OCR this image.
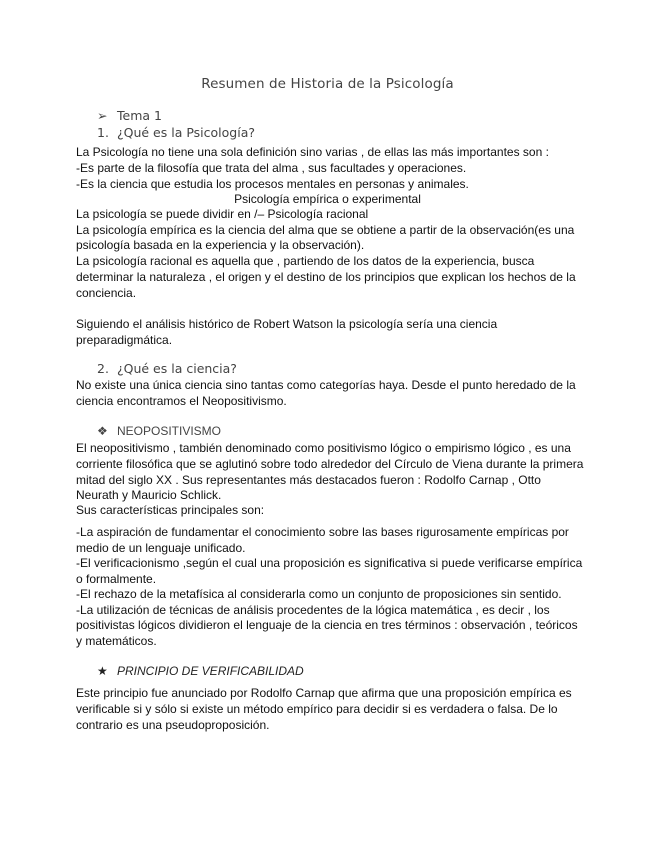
Resumen de Historia de la Psicología
➢ Tema 1
1. ¿Qué es la Psicología?
La Psicología no tiene una sola definición sino varias , de ellas las más importantes son :
-Es parte de la filosofía que trata del alma , sus facultades y operaciones.
-Es la ciencia que estudia los procesos mentales en personas y animales.
Psicología empírica o experimental
La psicología se puede dividir en /– Psicología racional
La psicología empírica es la ciencia del alma que se obtiene a partir de la observación(es una
psicología basada en la experiencia y la observación).
La psicología racional es aquella que , partiendo de los datos de la experiencia, busca
determinar la naturaleza , el origen y el destino de los principios que explican los hechos de la
conciencia.
Siguiendo el análisis histórico de Robert Watson la psicología sería una ciencia
preparadigmática.
2. ¿Qué es la ciencia?
No existe una única ciencia sino tantas como categorías haya. Desde el punto heredado de la
ciencia encontramos el Neopositivismo.
❖ NEOPOSITIVISMO
El neopositivismo , también denominado como positivismo lógico o empirismo lógico , es una
corriente filosófica que se aglutinó sobre todo alrededor del Círculo de Viena durante la primera
mitad del siglo XX . Sus representantes más destacados fueron : Rodolfo Carnap , Otto
Neurath y Mauricio Schlick.
Sus características principales son:
-La aspiración de fundamentar el conocimiento sobre las bases rigurosamente empíricas por
medio de un lenguaje unificado.
-El verificacionismo ,según el cual una proposición es significativa si puede verificarse empírica
o formalmente.
-El rechazo de la metafísica al considerarla como un conjunto de proposiciones sin sentido.
-La utilización de técnicas de análisis procedentes de la lógica matemática , es decir , los
positivistas lógicos dividieron el lenguaje de la ciencia en tres términos : observación , teóricos
y matemáticos.
★ PRINCIPIO DE VERIFICABILIDAD
Este principio fue anunciado por Rodolfo Carnap que afirma que una proposición empírica es
verificable si y sólo si existe un método empírico para decidir si es verdadera o falsa. De lo
contrario es una pseudoproposición.
